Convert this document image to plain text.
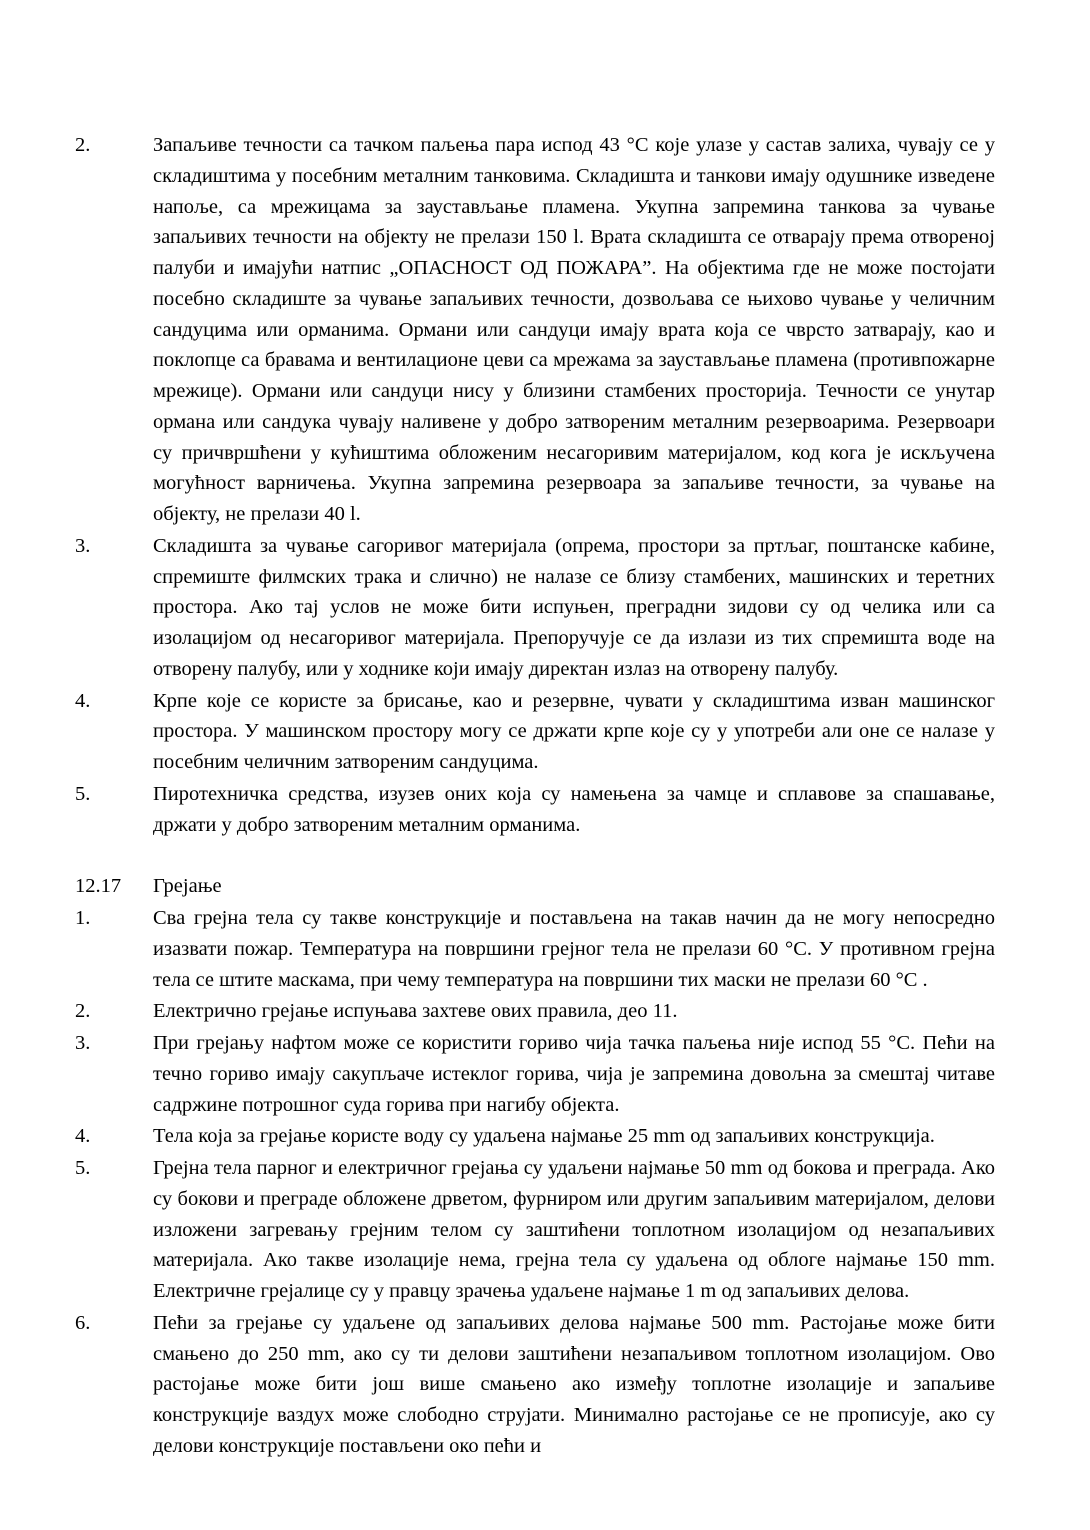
2.	Запаљиве течности са тачком паљења пара испод 43 °C које улазе у састав залиха, чувају се у складиштима у посебним металним танковима. Складишта и танкови имају одушнике изведене напоље, са мрежицама за заустављање пламена. Укупна запремина танкова за чување запаљивих течности на објекту не прелази 150 l. Врата складишта се отварају према отвореној палуби и имајући натпис „ОПАСНОСТ ОД ПОЖАРА”. На објектима где не може постојати посебно складиште за чување запаљивих течности, дозвољава се њихово чување у челичним сандуцима или орманима. Ормани или сандуци имају врата која се чврсто затварају, као и поклопце са бравама и вентилационе цеви са мрежама за заустављање пламена (противпожарне мрежице). Ормани или сандуци нису у близини стамбених просторија. Течности се унутар ормана или сандука чувају наливене у добро затвореним металним резервоарима. Резервоари су причвршћени у кућиштима обложеним несагоривим материјалом, код кога је искључена могућност варничења. Укупна запремина резервоара за запаљиве течности, за чување на објекту, не прелази 40 l.
3.	Складишта за чување сагоривог материјала (опрема, простори за пртљаг, поштанске кабине, спремиште филмских трака и слично) не налазе се близу стамбених, машинских и теретних простора. Ако тај услов не може бити испуњен, преградни зидови су од челика или са изолацијом од несагоривог материјала. Препоручује се да излази из тих спремишта воде на отворену палубу, или у ходнике који имају директан излаз на отворену палубу.
4.	Крпе које се користе за брисање, као и резервне, чувати у складиштима изван машинског простора. У машинском простору могу се држати крпе које су у употреби али оне се налазе у посебним челичним затвореним сандуцима.
5.	Пиротехничка средства, изузев оних која су намењена за чамце и сплавове за спашавање, држати у добро затвореним металним орманима.
12.17	Грејање
1.	Сва грејна тела су такве конструкције и постављена на такав начин да не могу непосредно изазвати пожар. Температура на површини грејног тела не прелази 60 °C. У противном грејна тела се штите маскама, при чему температура на површини тих маски не прелази 60 °C .
2.	Електрично грејање испуњава захтеве ових правила, део 11.
3.	При грејању нафтом може се користити гориво чија тачка паљења није испод 55 °C. Пећи на течно гориво имају сакупљаче истеклог горива, чија је запремина довољна за смештај читаве садржине потрошног суда горива при нагибу објекта.
4.	Тела која за грејање користе воду су удаљена најмање 25 mm од запаљивих конструкција.
5.	Грејна тела парног и електричног грејања су удаљени најмање 50 mm од бокова и преграда. Ако су бокови и преграде обложене дрветом, фурниром или другим запаљивим материјалом, делови изложени загревању грејним телом су заштићени топлотном изолацијом од незапаљивих материјала. Ако такве изолације нема, грејна тела су удаљена од облоге најмање 150 mm. Електричне грејалице су у правцу зрачења удаљене најмање 1 m од запаљивих делова.
6.	Пећи за грејање су удаљене од запаљивих делова најмање 500 mm. Растојање може бити смањено до 250 mm, ако су ти делови заштићени незапаљивом топлотном изолацијом. Ово растојање може бити још више смањено ако између топлотне изолације и запаљиве конструкције ваздух може слободно струјати. Минимално растојање се не прописује, ако су делови конструкције постављени око пећи и
